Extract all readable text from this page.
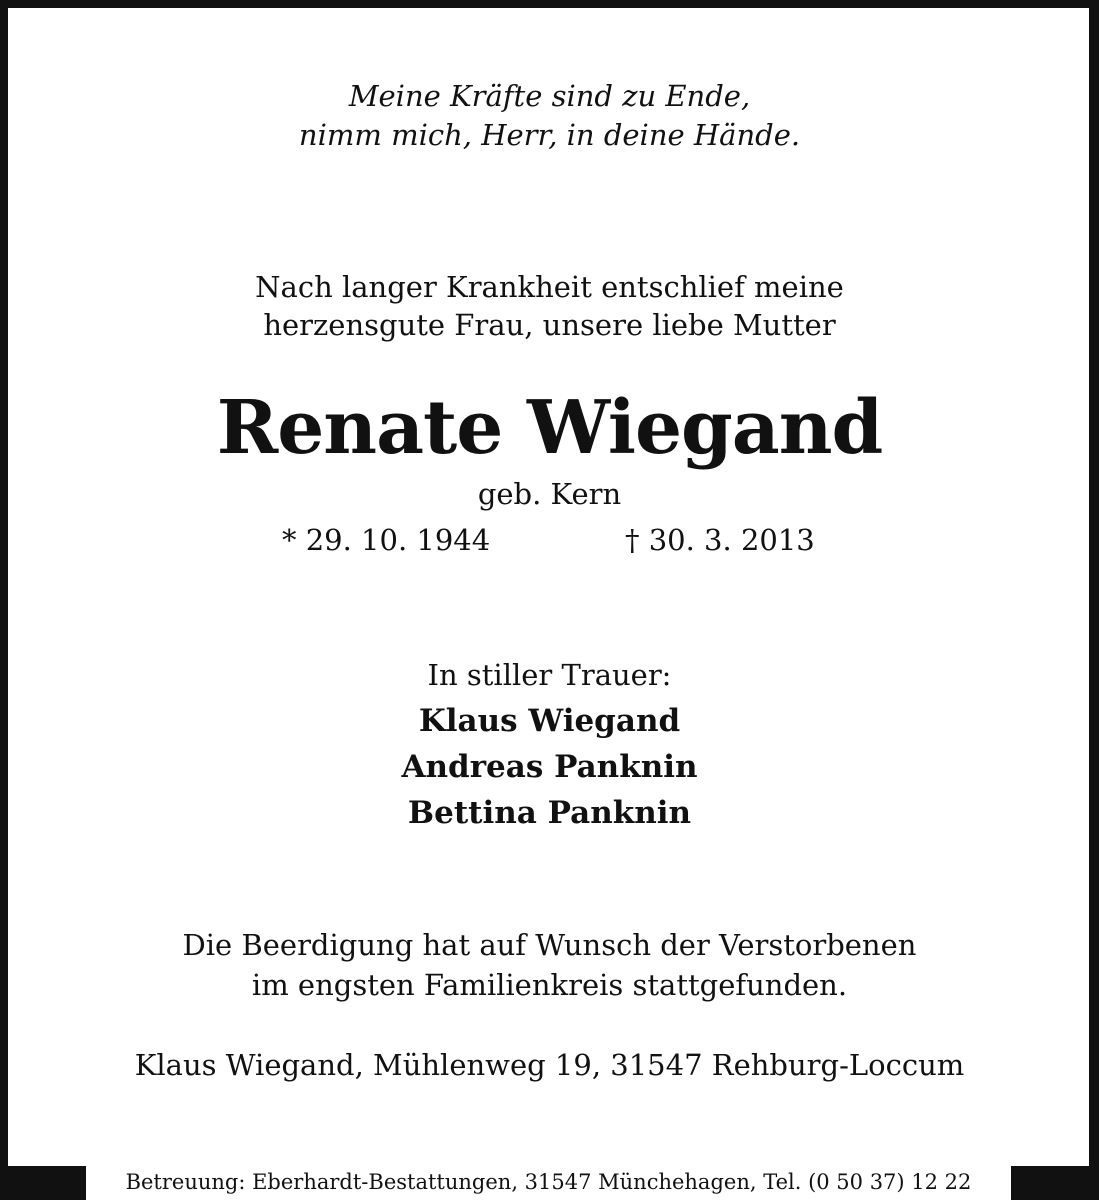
Meine Kräfte sind zu Ende,
nimm mich, Herr, in deine Hände.
Nach langer Krankheit entschlief meine
herzensgute Frau, unsere liebe Mutter
Renate Wiegand
geb. Kern
* 29. 10. 1944	† 30. 3. 2013
In stiller Trauer:
Klaus Wiegand
Andreas Panknin
Bettina Panknin
Die Beerdigung hat auf Wunsch der Verstorbenen
im engsten Familienkreis stattgefunden.
Klaus Wiegand, Mühlenweg 19, 31547 Rehburg-Loccum
Betreuung: Eberhardt-Bestattungen, 31547 Münchehagen, Tel. (0 50 37) 12 22
